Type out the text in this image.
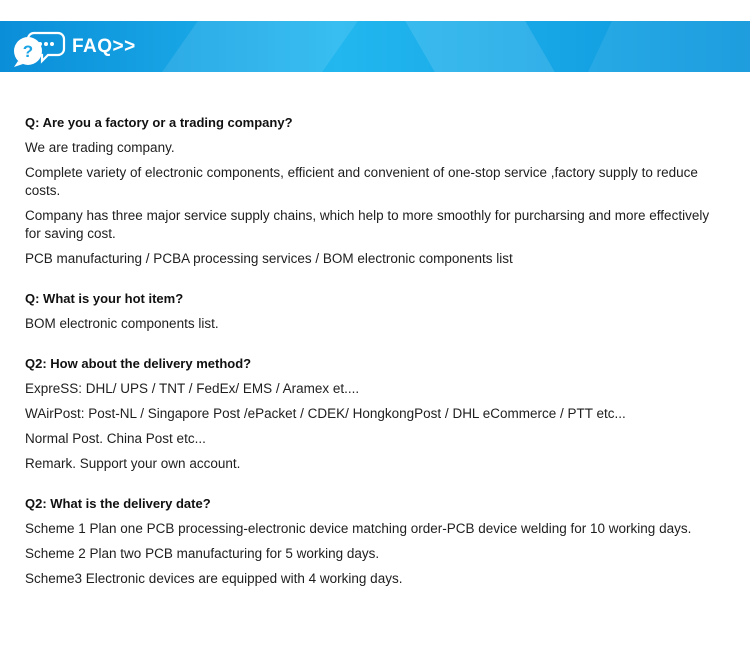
? FAQ>>

Q: Are you a factory or a trading company?

We are trading company.

Complete variety of electronic components, efficient and convenient of one-stop service ,factory supply to reduce costs.

Company has three major service supply chains, which help to more smoothly for purcharsing and more effectively for saving cost.

PCB manufacturing / PCBA processing services / BOM electronic components list

Q: What is your hot item?

BOM electronic components list.

Q2: How about the delivery method?

ExpreSS: DHL/ UPS / TNT / FedEx/ EMS / Aramex et....

WAirPost: Post-NL / Singapore Post /ePacket / CDEK/ HongkongPost / DHL eCommerce / PTT etc...

Normal Post. China Post etc...

Remark. Support your own account.

Q2: What is the delivery date?

Scheme 1 Plan one PCB processing-electronic device matching order-PCB device welding for 10 working days.

Scheme 2 Plan two PCB manufacturing for 5 working days.

Scheme3 Electronic devices are equipped with 4 working days.
